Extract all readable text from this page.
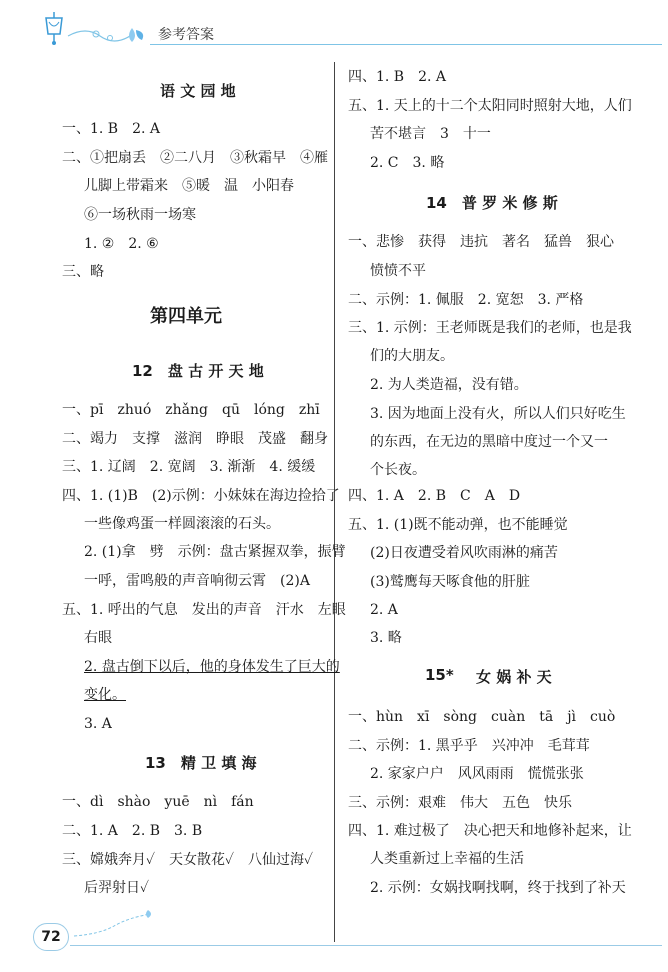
参考答案
语 文 园 地
一、1. B　2. A
二、①把扇丢　②二八月　③秋霜早　④雁
儿脚上带霜来　⑤暖　温　小阳春
⑥一场秋雨一场寒
1. ②　2. ⑥
三、略
第四单元
12　盘 古 开 天 地
一、pī　zhuó　zhǎng　qū　lóng　zhī
二、竭力　支撑　滋润　睁眼　茂盛　翻身
三、1. 辽阔　2. 宽阔　3. 渐渐　4. 缓缓
四、1. (1)B　(2)示例：小妹妹在海边捡拾了
一些像鸡蛋一样圆滚滚的石头。
2. (1)拿　劈　示例：盘古紧握双拳，振臂
一呼，雷鸣般的声音响彻云霄　(2)A
五、1. 呼出的气息　发出的声音　汗水　左眼
右眼
2. 盘古倒下以后，他的身体发生了巨大的
变化。
3. A
13　精 卫 填 海
一、dì　shào　yuē　nì　fán
二、1. A　2. B　3. B
三、嫦娥奔月✓　天女散花✓　八仙过海✓
后羿射日✓
四、1. B　2. A
五、1. 天上的十二个太阳同时照射大地，人们
苦不堪言　3　十一
2. C　3. 略
14　普 罗 米 修 斯
一、悲惨　获得　违抗　著名　猛兽　狠心
愤愤不平
二、示例：1. 佩服　2. 宽恕　3. 严格
三、1. 示例：王老师既是我们的老师，也是我
们的大朋友。
2. 为人类造福，没有错。
3. 因为地面上没有火，所以人们只好吃生
的东西，在无边的黑暗中度过一个又一
个长夜。
四、1. A　2. B　C　A　D
五、1. (1)既不能动弹，也不能睡觉
(2)日夜遭受着风吹雨淋的痛苦
(3)鹫鹰每天啄食他的肝脏
2. A
3. 略
15* 女 娲 补 天
一、hùn　xī　sòng　cuàn　tā　jì　cuò
二、示例：1. 黑乎乎　兴冲冲　毛茸茸
2. 家家户户　风风雨雨　慌慌张张
三、示例：艰难　伟大　五色　快乐
四、1. 难过极了　决心把天和地修补起来，让
人类重新过上幸福的生活
2. 示例：女娲找啊找啊，终于找到了补天
72
